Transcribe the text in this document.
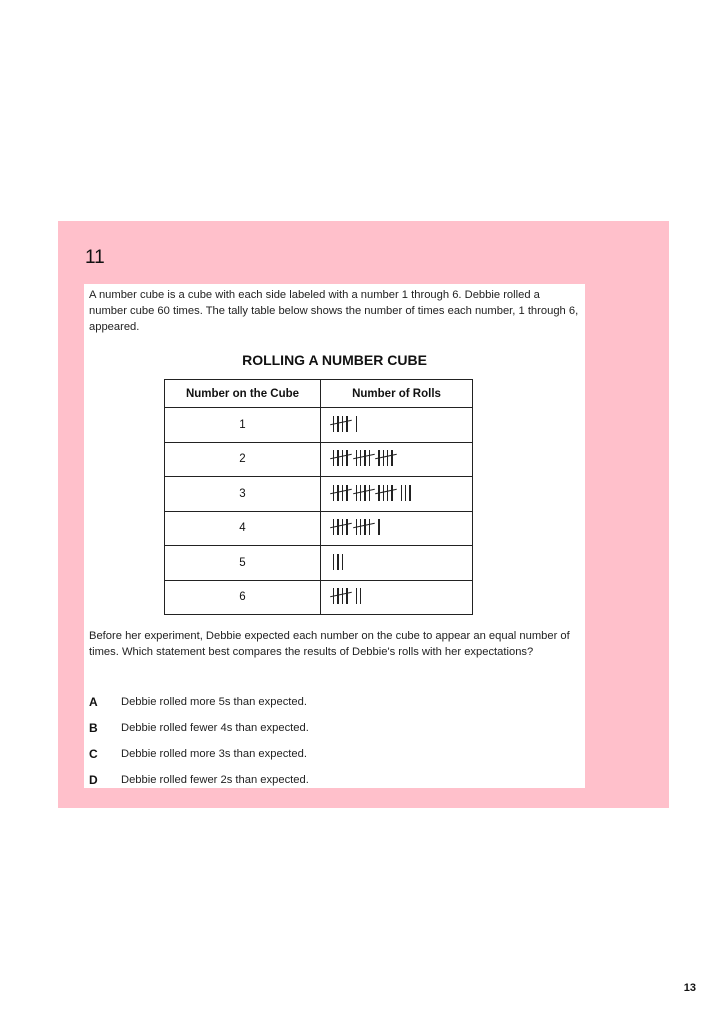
11
A number cube is a cube with each side labeled with a number 1 through 6. Debbie rolled a number cube 60 times. The tally table below shows the number of times each number, 1 through 6, appeared.
ROLLING A NUMBER CUBE
Number on the Cube	Number of Rolls
1	

2	

3	

4	

5	

6	
Before her experiment, Debbie expected each number on the cube to appear an equal number of times. Which statement best compares the results of Debbie's rolls with her expectations?
A	Debbie rolled more 5s than expected.
B	Debbie rolled fewer 4s than expected.
C	Debbie rolled more 3s than expected.
D	Debbie rolled fewer 2s than expected.
13
